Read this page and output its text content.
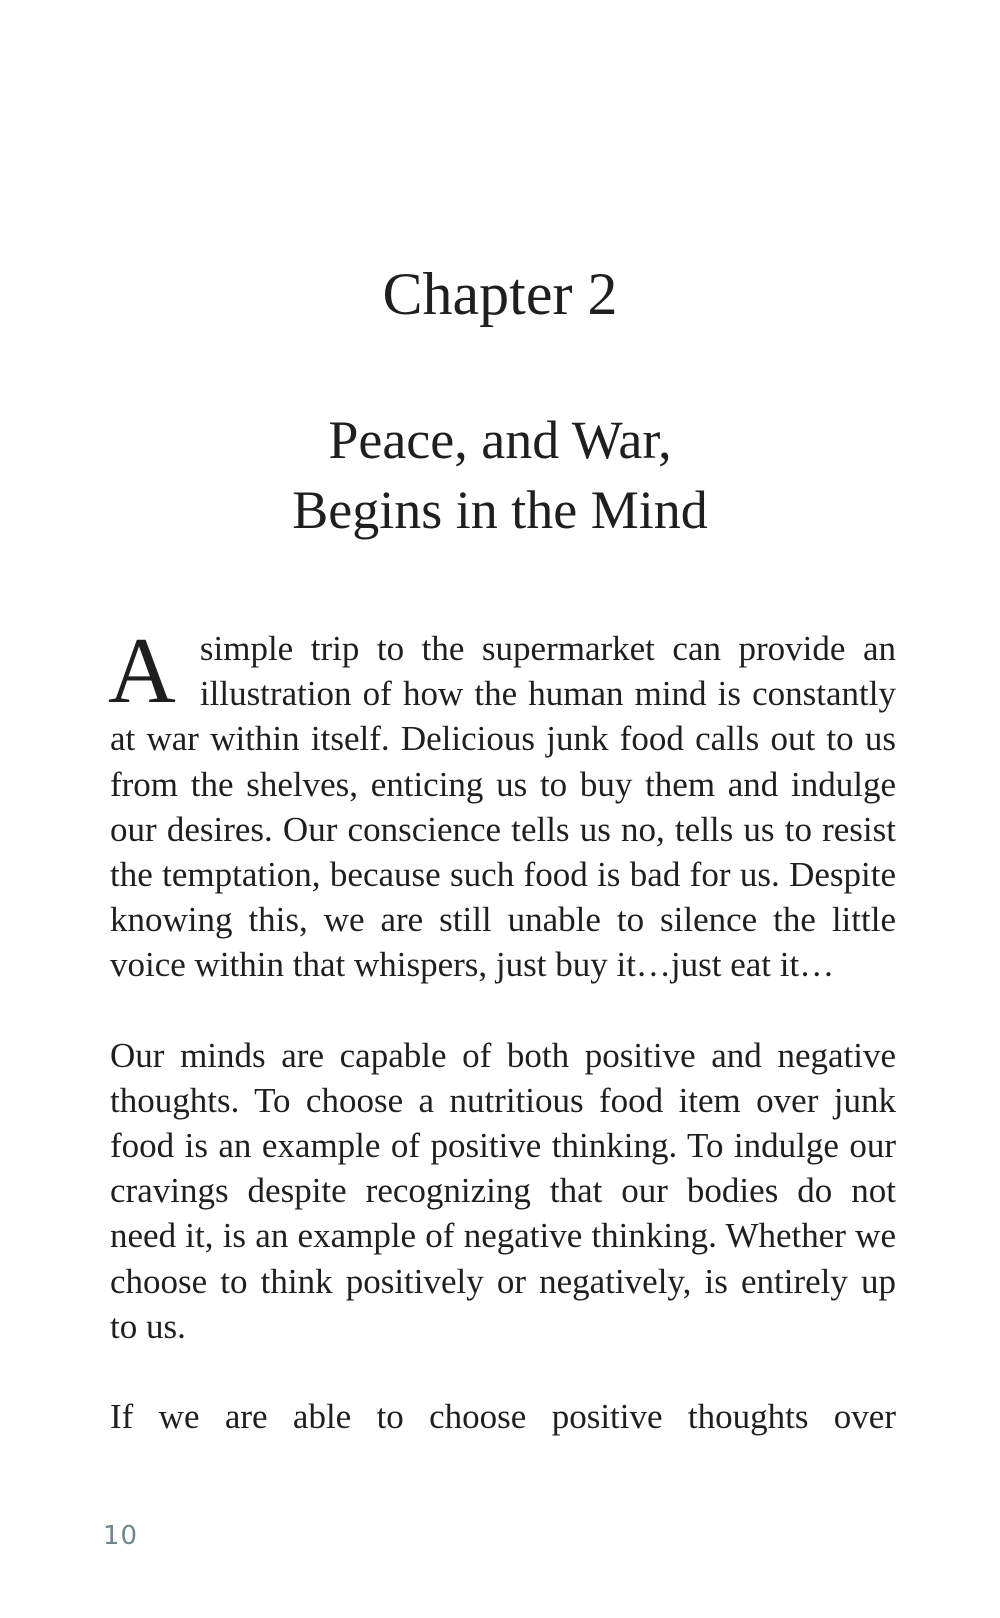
Chapter 2
Peace, and War,
Begins in the Mind

Asimple trip to the supermarket can provide an illustration of how the human mind is constantly at war within itself. Delicious junk food calls out to us from the shelves, enticing us to buy them and indulge our desires. Our conscience tells us no, tells us to resist the temptation, because such food is bad for us. Despite knowing this, we are still unable to silence the little voice within that whispers, just buy it…just eat it…

Our minds are capable of both positive and negative thoughts. To choose a nutritious food item over junk food is an example of positive thinking. To indulge our cravings despite recognizing that our bodies do not need it, is an example of negative thinking. Whether we choose to think positively or negatively, is entirely up to us.

If we are able to choose positive thoughts over

10
